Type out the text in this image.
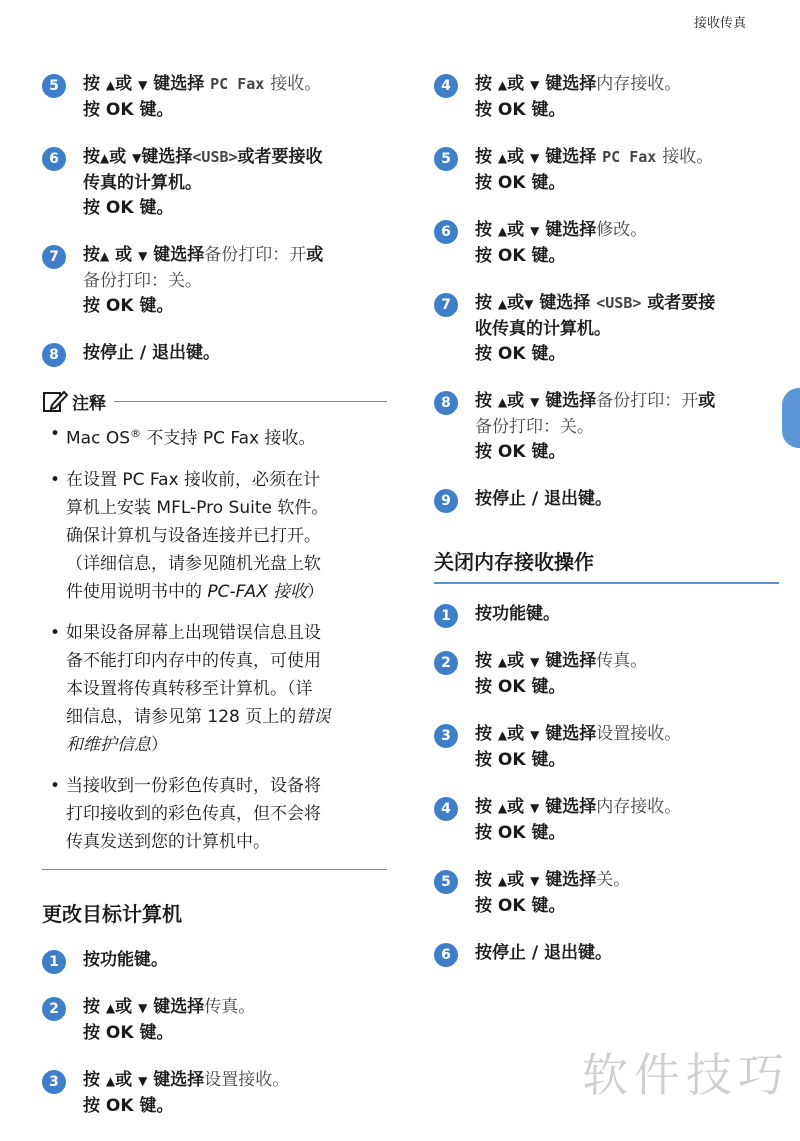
接收传真
5	按 ▲或 ▼ 键选择 PC Fax 接收。
按 OK 键。
6	按▲或 ▼键选择<USB>或者要接收
传真的计算机。
按 OK 键。
7	按▲ 或 ▼ 键选择备份打印：开或
备份打印：关。
按 OK 键。
8	按停止 / 退出键。
注释
• Mac OS® 不支持 PC Fax 接收。
• 在设置 PC Fax 接收前，必须在计
算机上安装 MFL-Pro Suite 软件。
确保计算机与设备连接并已打开。
（详细信息，请参见随机光盘上软
件使用说明书中的 PC-FAX 接收）
• 如果设备屏幕上出现错误信息且设
备不能打印内存中的传真，可使用
本设置将传真转移至计算机。（详
细信息，请参见第 128 页上的错误
和维护信息）
• 当接收到一份彩色传真时，设备将
打印接收到的彩色传真，但不会将
传真发送到您的计算机中。
更改目标计算机
1	按功能键。
2	按 ▲或 ▼ 键选择传真。
按 OK 键。
3	按 ▲或 ▼ 键选择设置接收。
按 OK 键。
4	按 ▲或 ▼ 键选择内存接收。
按 OK 键。
5	按 ▲或 ▼ 键选择 PC Fax 接收。
按 OK 键。
6	按 ▲或 ▼ 键选择修改。
按 OK 键。
7	按 ▲或▼ 键选择 <USB> 或者要接
收传真的计算机。
按 OK 键。
8	按 ▲或 ▼ 键选择备份打印：开或
备份打印：关。
按 OK 键。
9	按停止 / 退出键。
关闭内存接收操作
1	按功能键。
2	按 ▲或 ▼ 键选择传真。
按 OK 键。
3	按 ▲或 ▼ 键选择设置接收。
按 OK 键。
4	按 ▲或 ▼ 键选择内存接收。
按 OK 键。
5	按 ▲或 ▼ 键选择关。
按 OK 键。
6	按停止 / 退出键。
软件技巧
